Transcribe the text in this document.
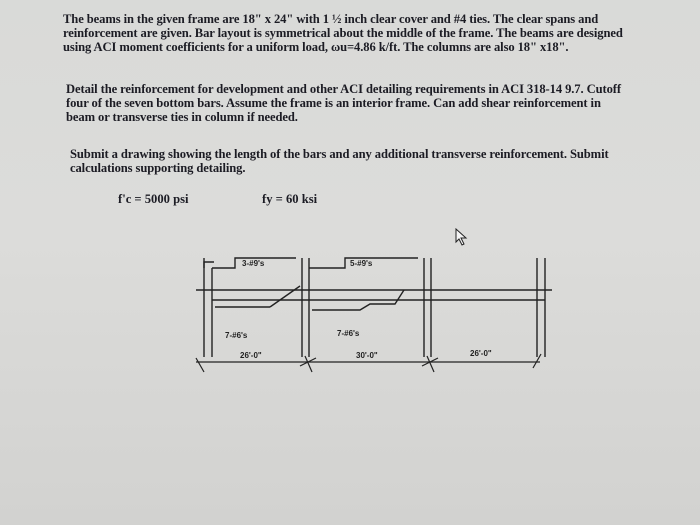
The beams in the given frame are 18" x 24" with 1 ½ inch clear cover and #4 ties. The clear spans and
reinforcement are given. Bar layout is symmetrical about the middle of the frame. The beams are designed
using ACI moment coefficients for a uniform load, ωu=4.86 k/ft. The columns are also 18" x18".
Detail the reinforcement for development and other ACI detailing requirements in ACI 318-14 9.7. Cutoff
four of the seven bottom bars. Assume the frame is an interior frame. Can add shear reinforcement in
beam or transverse ties in column if needed.
Submit a drawing showing the length of the bars and any additional transverse reinforcement. Submit
calculations supporting detailing.
f'c = 5000 psi	fy = 60 ksi
3-#9's	5-#9's
7-#6's	7-#6's
26'-0"	30'-0"	26'-0"
